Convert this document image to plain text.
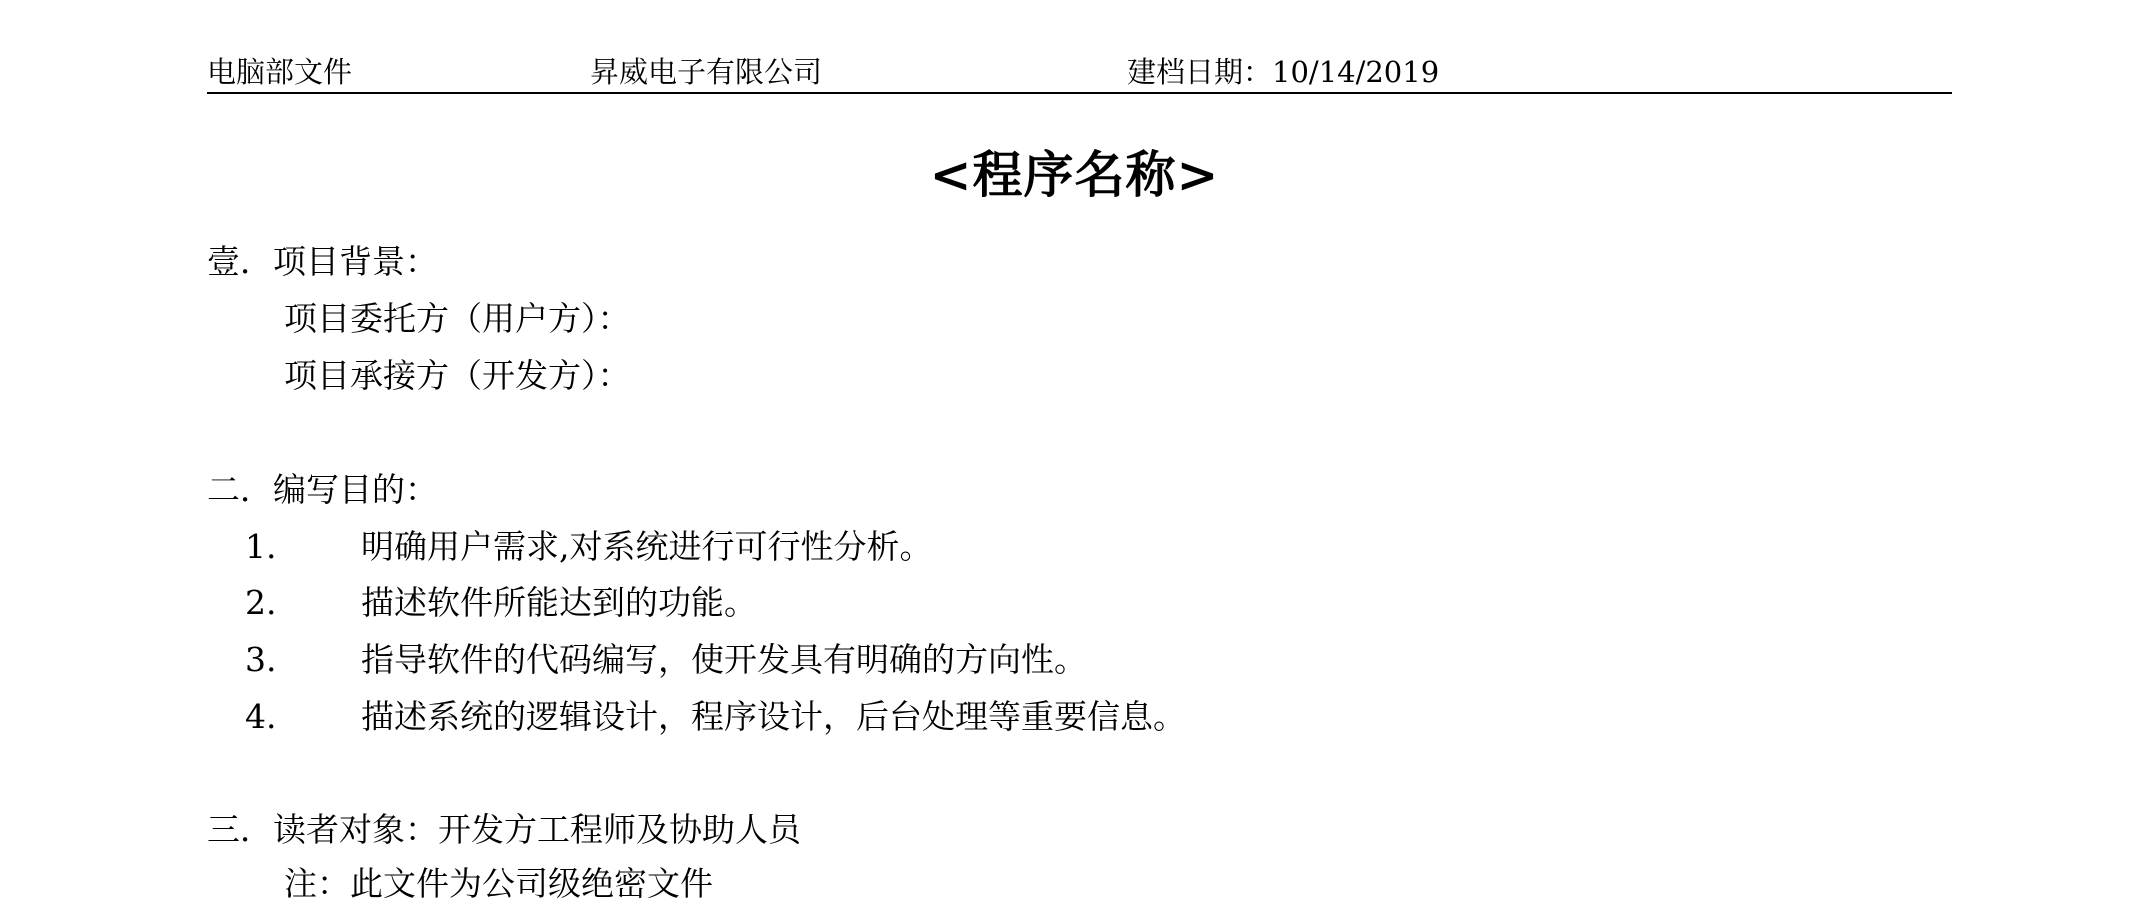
电脑部文件	昇威电子有限公司	建档日期：10/14/2019
<程序名称>
壹．项目背景：
项目委托方（用户方）：
项目承接方（开发方）：
二．编写目的：
1.	明确用户需求,对系统进行可行性分析。
2.	描述软件所能达到的功能。
3.	指导软件的代码编写，使开发具有明确的方向性。
4.	描述系统的逻辑设计，程序设计，后台处理等重要信息。
三．读者对象：开发方工程师及协助人员
注：此文件为公司级绝密文件
